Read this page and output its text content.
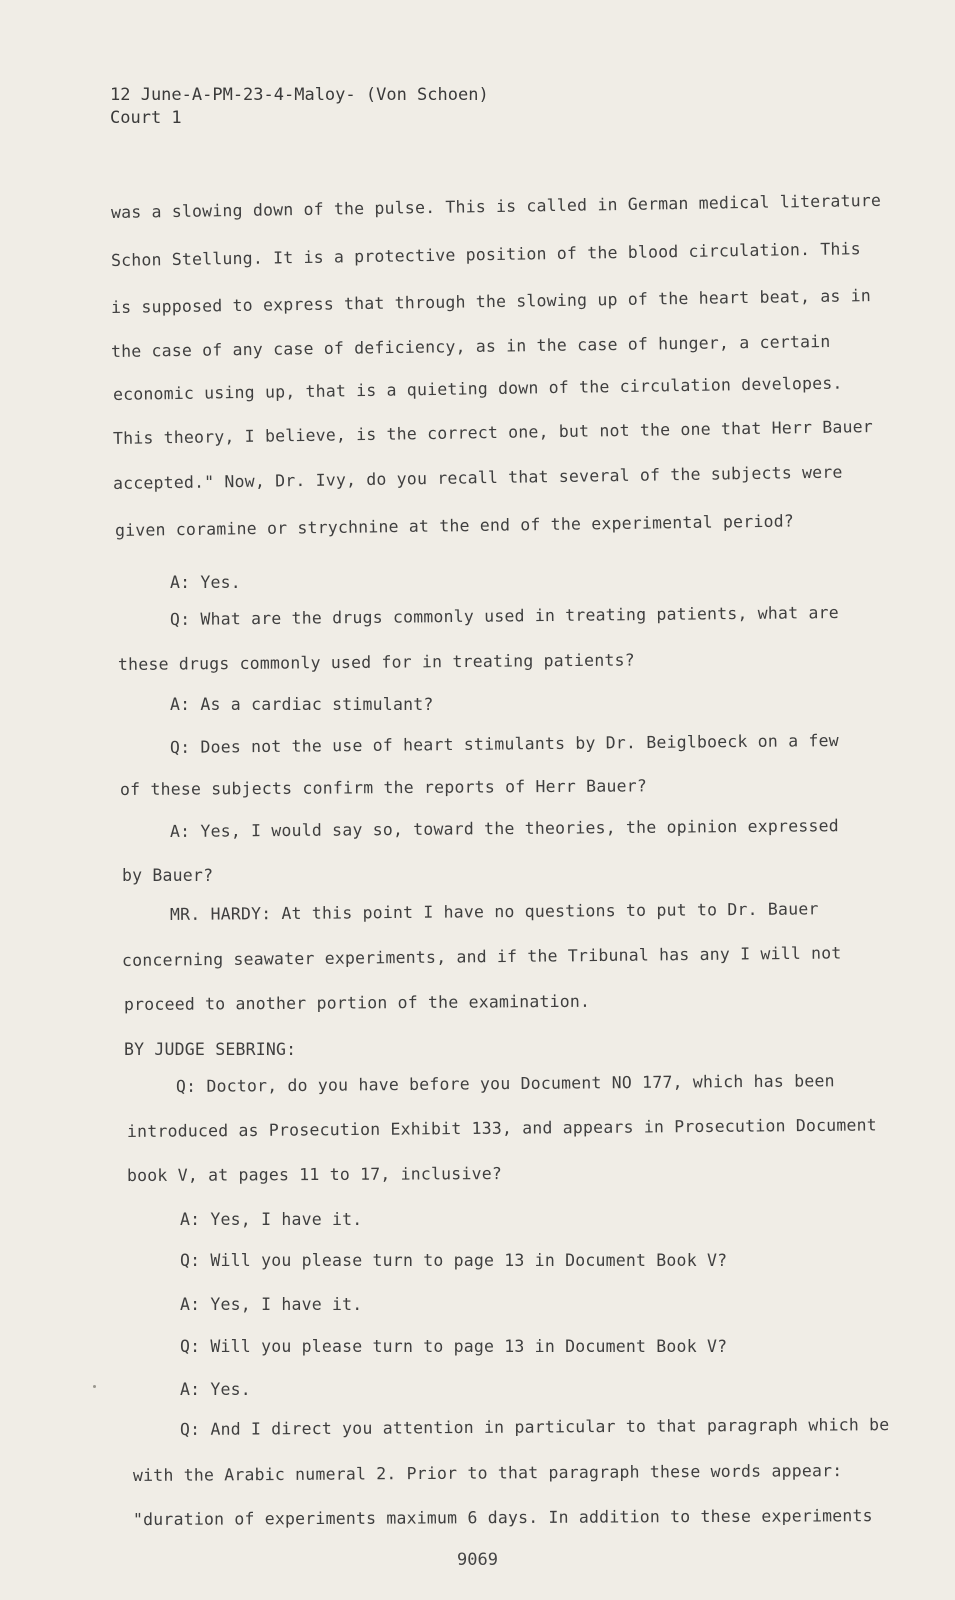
12 June-A-PM-23-4-Maloy- (Von Schoen)
Court 1
was a slowing down of the pulse. This is called in German medical literature
Schon Stellung. It is a protective position of the blood circulation. This
is supposed to express that through the slowing up of the heart beat, as in
the case of any case of deficiency, as in the case of hunger, a certain
economic using up, that is a quieting down of the circulation developes.
This theory, I believe, is the correct one, but not the one that Herr Bauer
accepted." Now, Dr. Ivy, do you recall that several of the subjects were
given coramine or strychnine at the end of the experimental period?
A: Yes.
Q: What are the drugs commonly used in treating patients, what are
these drugs commonly used for in treating patients?
A: As a cardiac stimulant?
Q: Does not the use of heart stimulants by Dr. Beiglboeck on a few
of these subjects confirm the reports of Herr Bauer?
A: Yes, I would say so, toward the theories, the opinion expressed
by Bauer?
MR. HARDY: At this point I have no questions to put to Dr. Bauer
concerning seawater experiments, and if the Tribunal has any I will not
proceed to another portion of the examination.
BY JUDGE SEBRING:
Q: Doctor, do you have before you Document NO 177, which has been
introduced as Prosecution Exhibit 133, and appears in Prosecution Document
book V, at pages 11 to 17, inclusive?
A: Yes, I have it.
Q: Will you please turn to page 13 in Document Book V?
A: Yes, I have it.
Q: Will you please turn to page 13 in Document Book V?
A: Yes.
Q: And I direct you attention in particular to that paragraph which be
with the Arabic numeral 2. Prior to that paragraph these words appear:
"duration of experiments maximum 6 days. In addition to these experiments
9069
